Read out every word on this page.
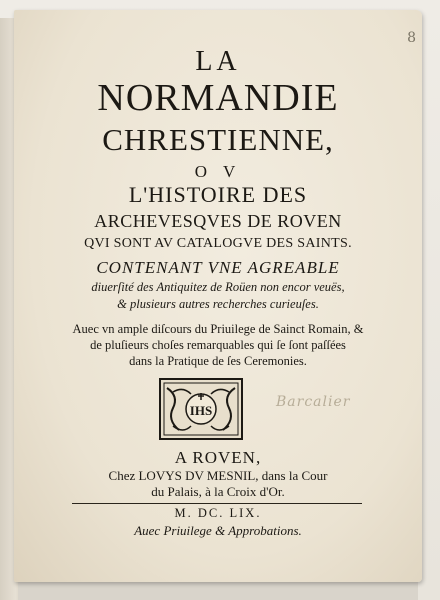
8
LA
NORMANDIE
CHRESTIENNE,
O V
L'HISTOIRE DES
ARCHEVESQVES DE ROVEN
QVI SONT AV CATALOGVE DES SAINTS.
CONTENANT VNE AGREABLE
diuerſité des Antiquitez de Roüen non encor veuës,
& plusieurs autres recherches curieuſes.
Auec vn ample diſcours du Priuilege de Sainct Romain, &
de pluſieurs choſes remarquables qui ſe ſont paſſées
dans la Pratique de ſes Ceremonies.
IHS
Barcalier
A ROVEN,
Chez LOVYS DV MESNIL, dans la Cour
du Palais, à la Croix d'Or.
M. DC. LIX.
Auec Priuilege & Approbations.
